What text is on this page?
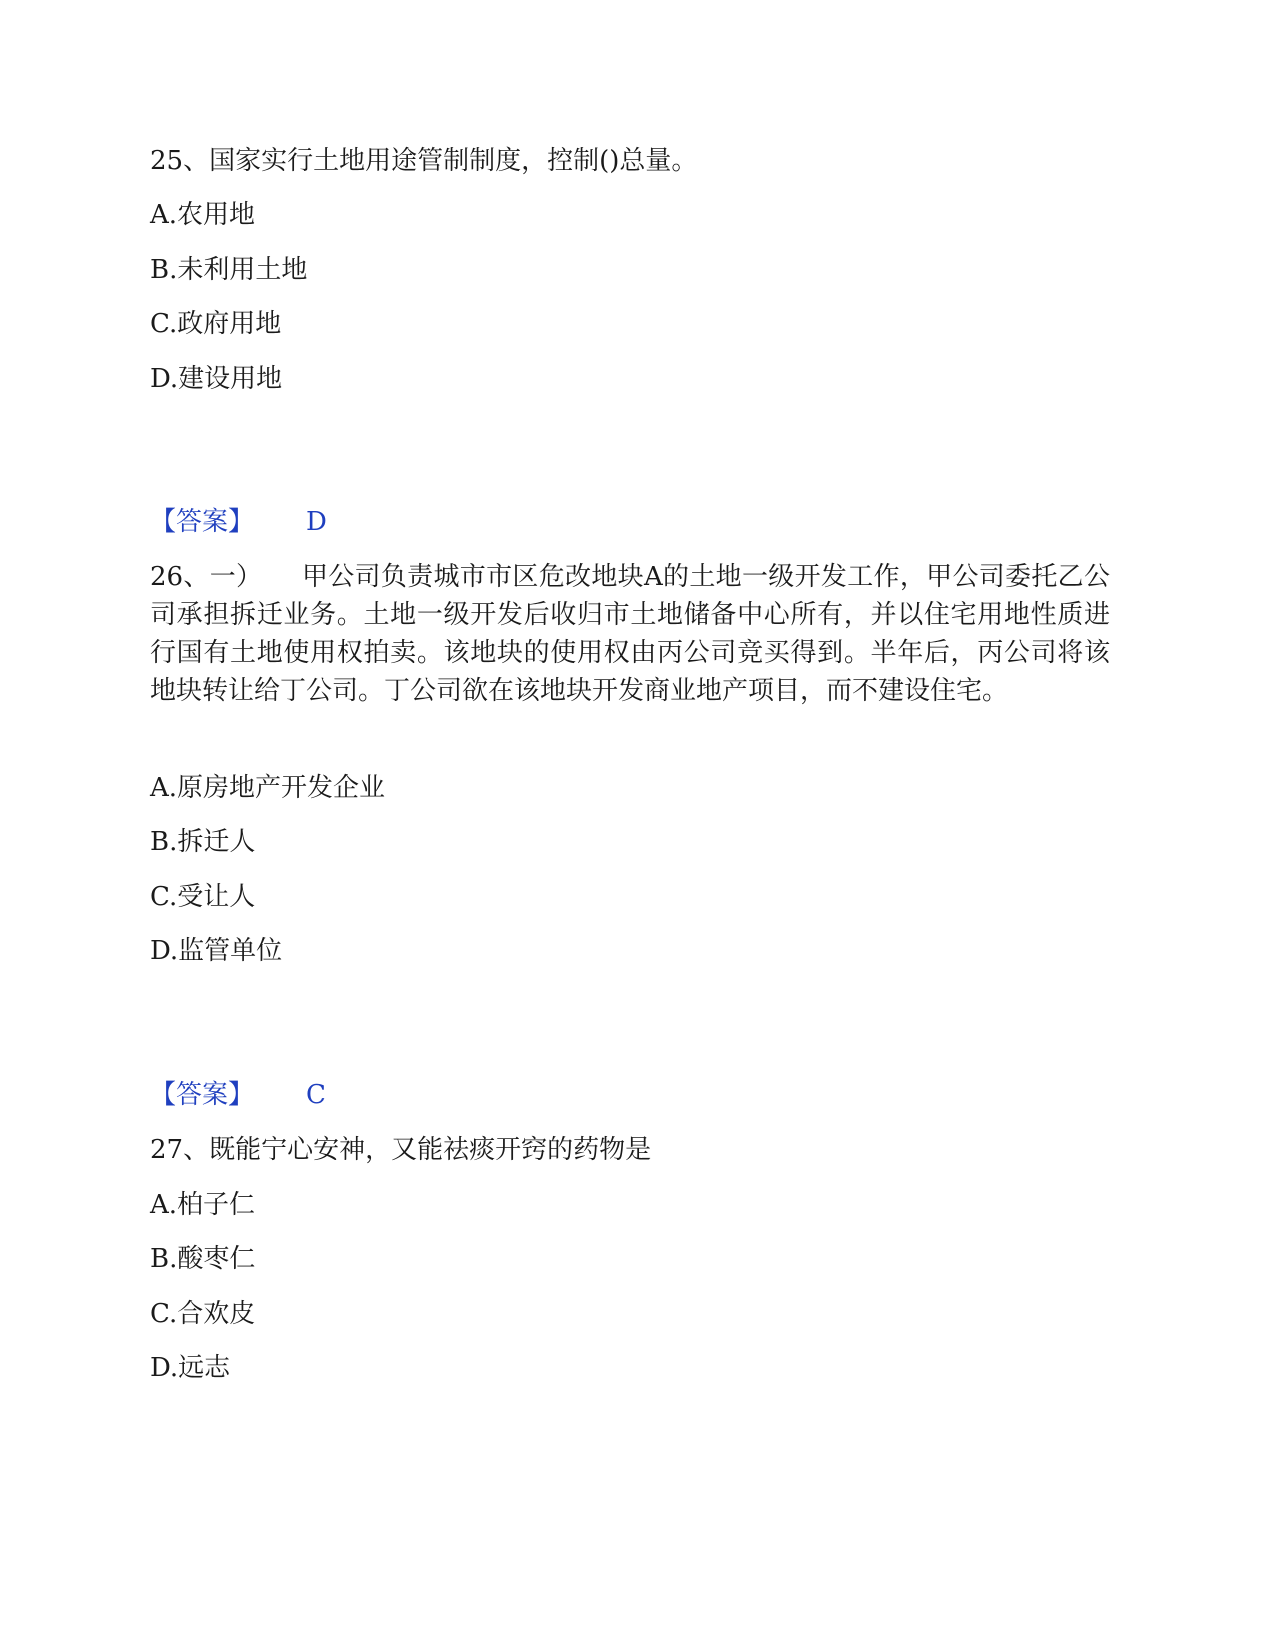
25、国家实行土地用途管制制度，控制()总量。
A.农用地
B.未利用土地
C.政府用地
D.建设用地
【答案】 D
26、一）　　甲公司负责城市市区危改地块A的土地一级开发工作，甲公司委托乙公司承担拆迁业务。土地一级开发后收归市土地储备中心所有，并以住宅用地性质进行国有土地使用权拍卖。该地块的使用权由丙公司竞买得到。半年后，丙公司将该地块转让给丁公司。丁公司欲在该地块开发商业地产项目，而不建设住宅。
A.原房地产开发企业
B.拆迁人
C.受让人
D.监管单位
【答案】 C
27、既能宁心安神，又能祛痰开窍的药物是
A.柏子仁
B.酸枣仁
C.合欢皮
D.远志
